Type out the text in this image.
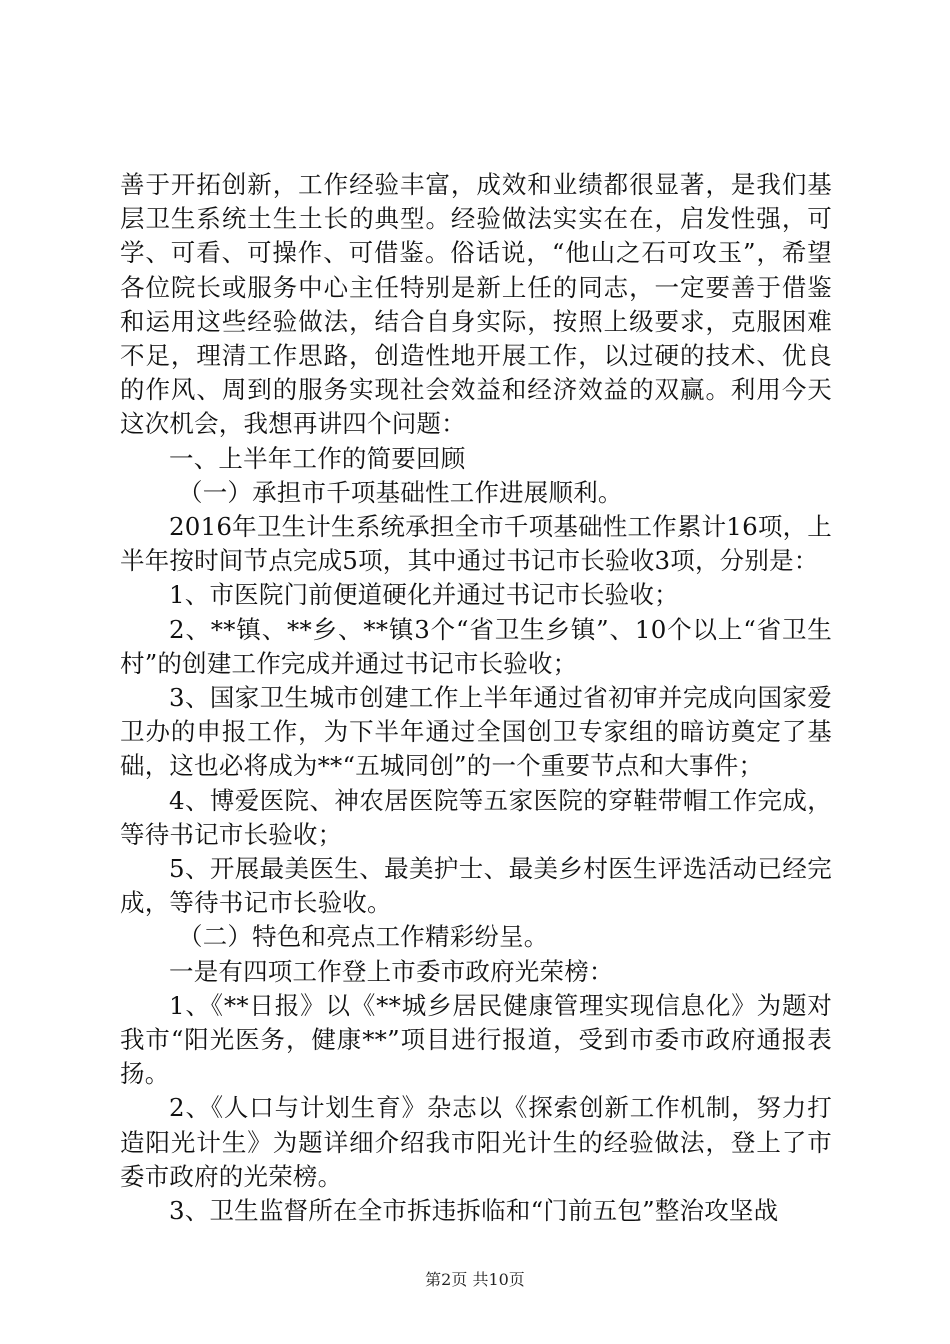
善于开拓创新，工作经验丰富，成效和业绩都很显著，是我们基层卫生系统土生土长的典型。经验做法实实在在，启发性强，可学、可看、可操作、可借鉴。俗话说，“他山之石可攻玉”，希望各位院长或服务中心主任特别是新上任的同志，一定要善于借鉴和运用这些经验做法，结合自身实际，按照上级要求，克服困难不足，理清工作思路，创造性地开展工作，以过硬的技术、优良的作风、周到的服务实现社会效益和经济效益的双赢。利用今天这次机会，我想再讲四个问题：

一、上半年工作的简要回顾

（一）承担市千项基础性工作进展顺利。

2016年卫生计生系统承担全市千项基础性工作累计16项，上半年按时间节点完成5项，其中通过书记市长验收3项，分别是：

1、市医院门前便道硬化并通过书记市长验收；

2、**镇、**乡、**镇3个“省卫生乡镇”、10个以上“省卫生村”的创建工作完成并通过书记市长验收；

3、国家卫生城市创建工作上半年通过省初审并完成向国家爱卫办的申报工作，为下半年通过全国创卫专家组的暗访奠定了基础，这也必将成为**“五城同创”的一个重要节点和大事件；

4、博爱医院、神农居医院等五家医院的穿鞋带帽工作完成，等待书记市长验收；

5、开展最美医生、最美护士、最美乡村医生评选活动已经完成，等待书记市长验收。

（二）特色和亮点工作精彩纷呈。

一是有四项工作登上市委市政府光荣榜：

1、《**日报》以《**城乡居民健康管理实现信息化》为题对我市“阳光医务，健康**”项目进行报道，受到市委市政府通报表扬。

2、《人口与计划生育》杂志以《探索创新工作机制，努力打造阳光计生》为题详细介绍我市阳光计生的经验做法，登上了市委市政府的光荣榜。

3、卫生监督所在全市拆违拆临和“门前五包”整治攻坚战

第2页 共10页
